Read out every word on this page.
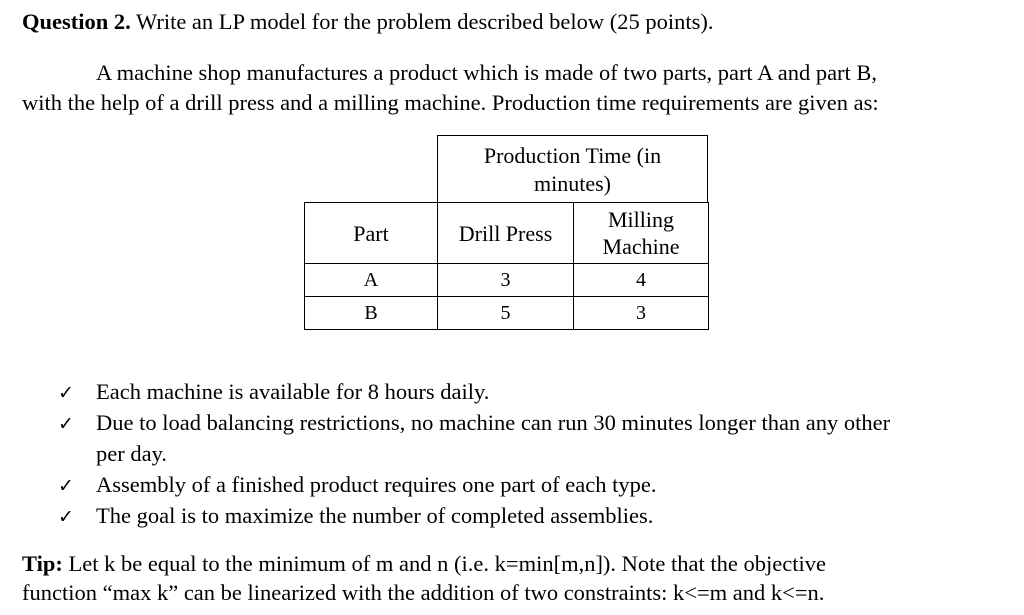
Question 2. Write an LP model for the problem described below (25 points).
A machine shop manufactures a product which is made of two parts, part A and part B,
with the help of a drill press and a milling machine. Production time requirements are given as:
Production Time (in
minutes)
Part	Drill Press	Milling
Machine
A	3	4
B	5	3
✓ Each machine is available for 8 hours daily.
✓ Due to load balancing restrictions, no machine can run 30 minutes longer than any other
per day.
✓ Assembly of a finished product requires one part of each type.
✓ The goal is to maximize the number of completed assemblies.
Tip: Let k be equal to the minimum of m and n (i.e. k=min[m,n]). Note that the objective
function “max k” can be linearized with the addition of two constraints: k<=m and k<=n.
